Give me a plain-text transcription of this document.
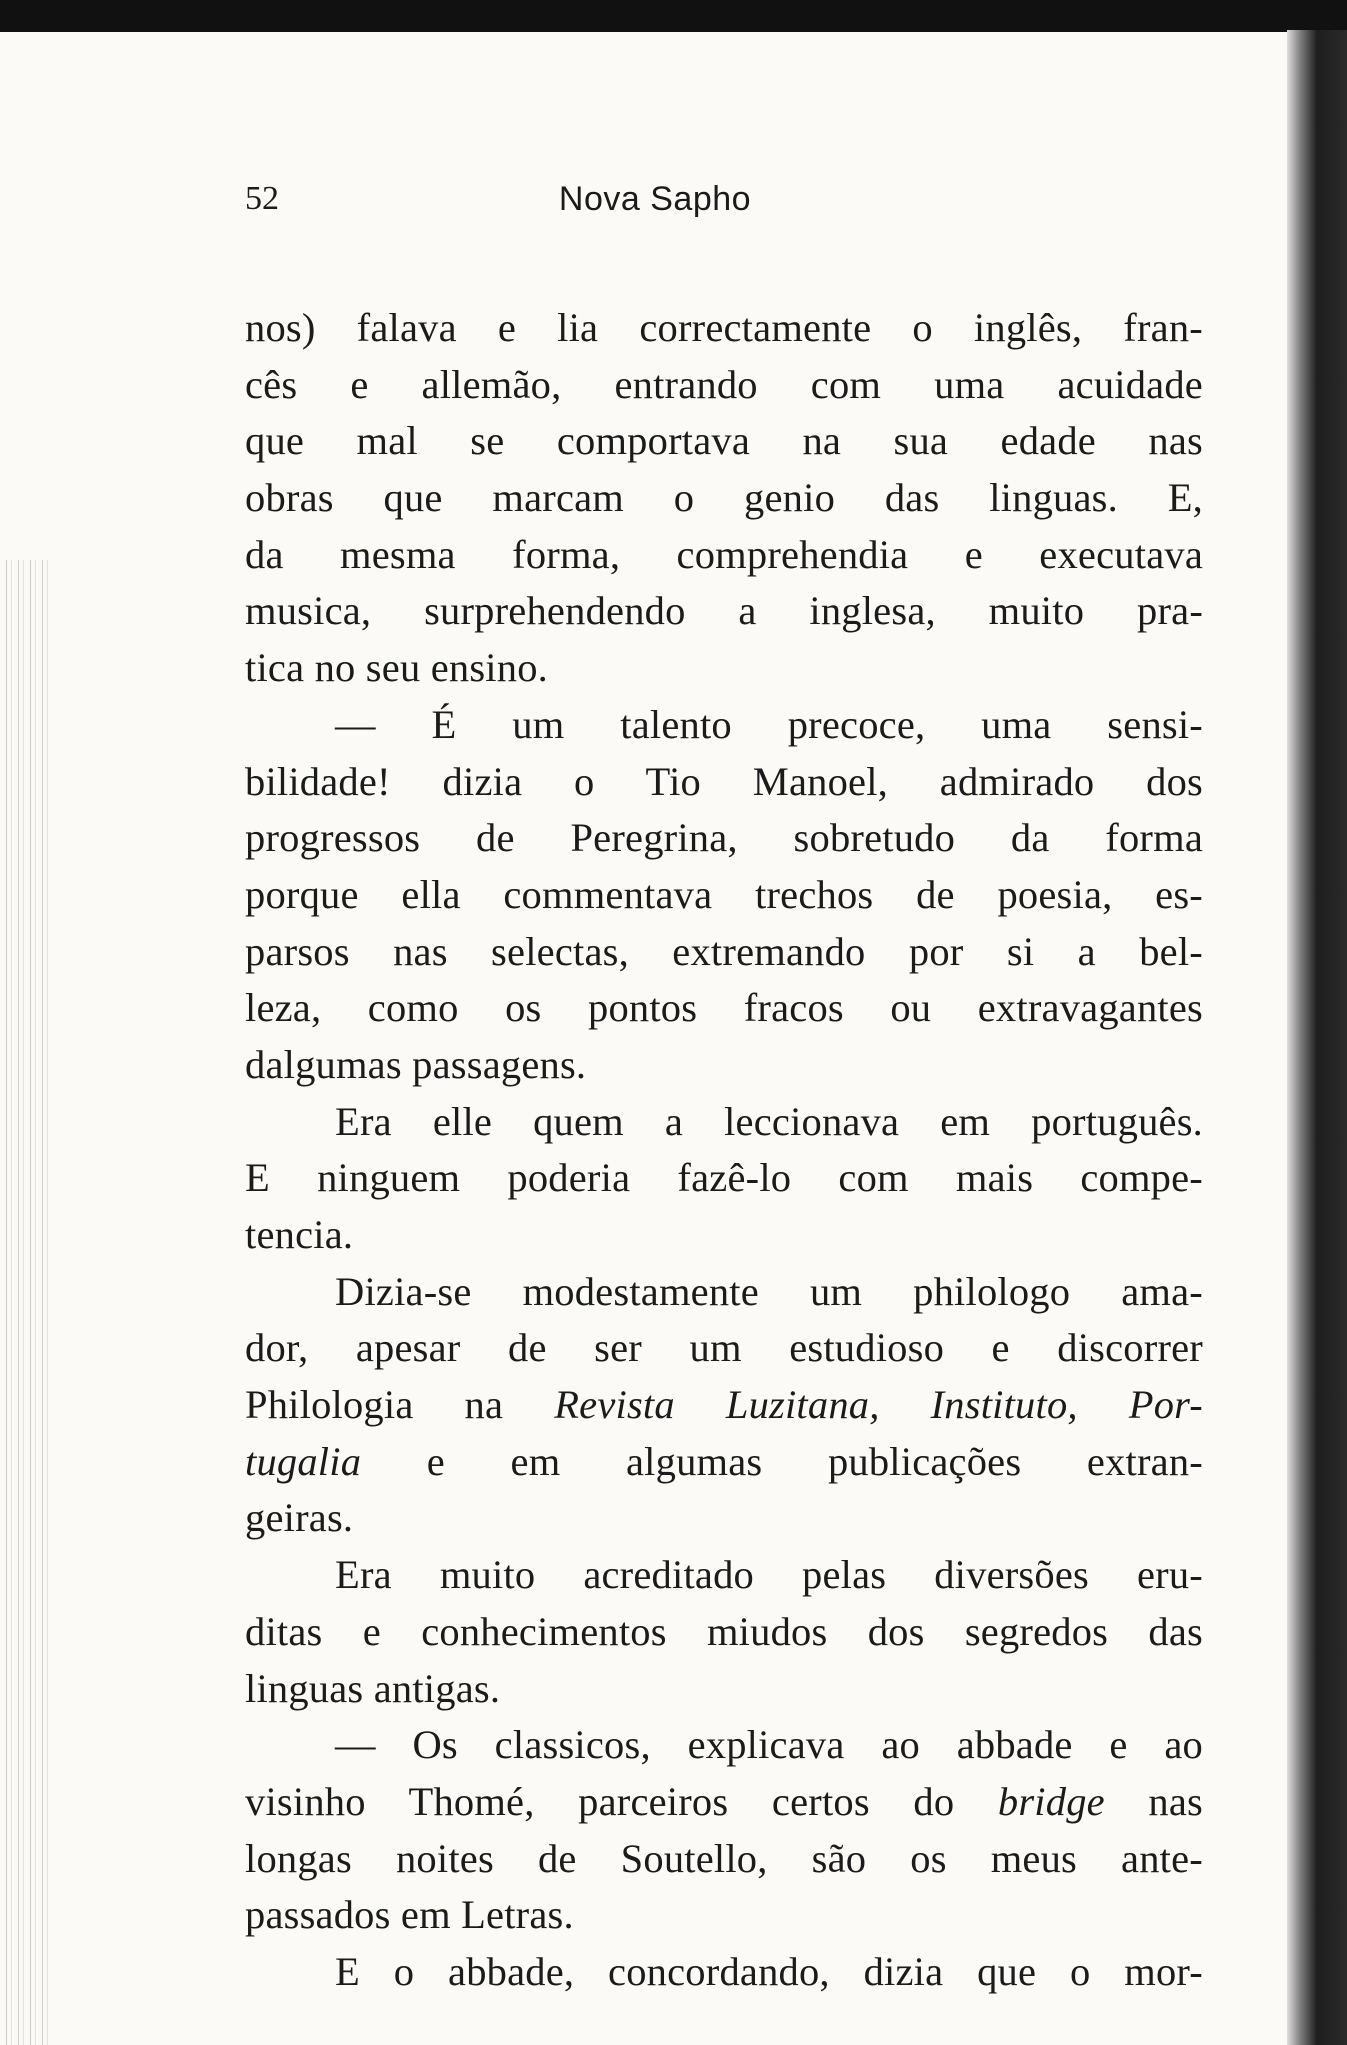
52	Nova Sapho
nos) falava e lia correctamente o inglês, fran-
cês e allemão, entrando com uma acuidade
que mal se comportava na sua edade nas
obras que marcam o genio das linguas. E,
da mesma forma, comprehendia e executava
musica, surprehendendo a inglesa, muito pra-
tica no seu ensino.
— É um talento precoce, uma sensi-
bilidade! dizia o Tio Manoel, admirado dos
progressos de Peregrina, sobretudo da forma
porque ella commentava trechos de poesia, es-
parsos nas selectas, extremando por si a bel-
leza, como os pontos fracos ou extravagantes
dalgumas passagens.
Era elle quem a leccionava em português.
E ninguem poderia fazê-lo com mais compe-
tencia.
Dizia-se modestamente um philologo ama-
dor, apesar de ser um estudioso e discorrer
Philologia na Revista Luzitana, Instituto, Por-
tugalia e em algumas publicações extran-
geiras.
Era muito acreditado pelas diversões eru-
ditas e conhecimentos miudos dos segredos das
linguas antigas.
— Os classicos, explicava ao abbade e ao
visinho Thomé, parceiros certos do bridge nas
longas noites de Soutello, são os meus ante-
passados em Letras.
E o abbade, concordando, dizia que o mor-
